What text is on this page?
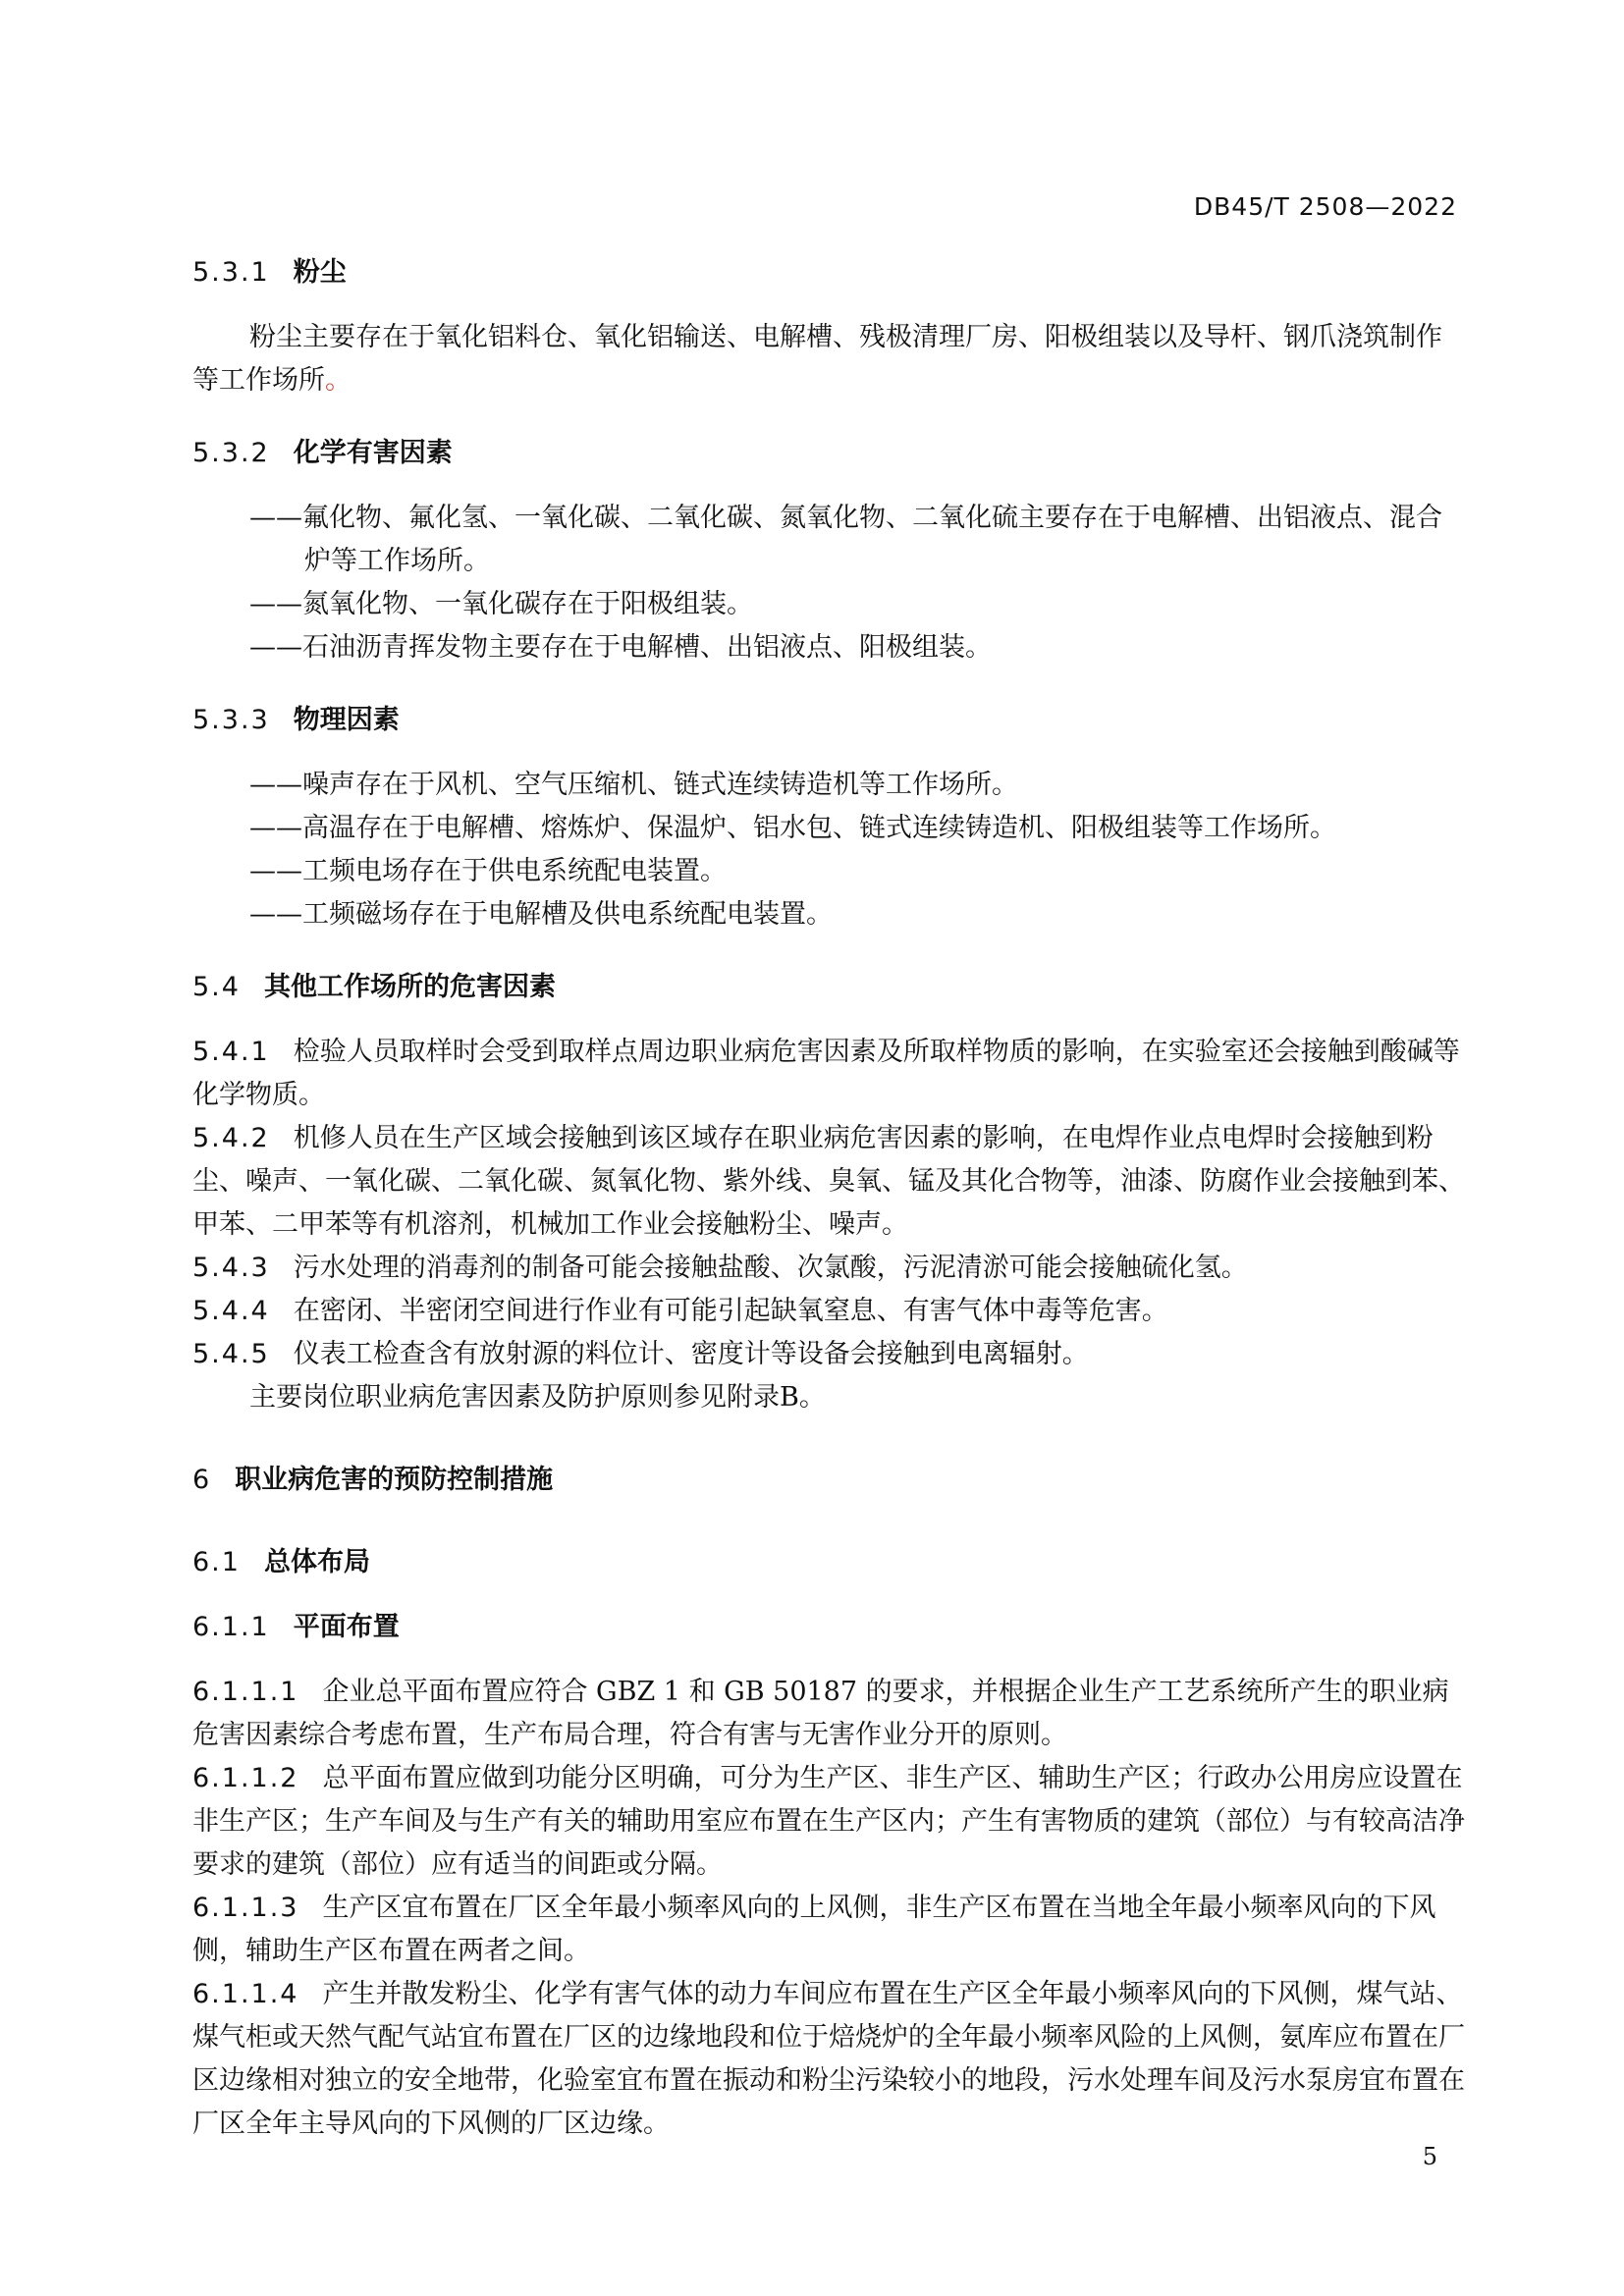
DB45/T 2508—2022
5.3.1 粉尘
粉尘主要存在于氧化铝料仓、氧化铝输送、电解槽、残极清理厂房、阳极组装以及导杆、钢爪浇筑制作等工作场所。
5.3.2 化学有害因素
——氟化物、氟化氢、一氧化碳、二氧化碳、氮氧化物、二氧化硫主要存在于电解槽、出铝液点、混合炉等工作场所。
——氮氧化物、一氧化碳存在于阳极组装。
——石油沥青挥发物主要存在于电解槽、出铝液点、阳极组装。
5.3.3 物理因素
——噪声存在于风机、空气压缩机、链式连续铸造机等工作场所。
——高温存在于电解槽、熔炼炉、保温炉、铝水包、链式连续铸造机、阳极组装等工作场所。
——工频电场存在于供电系统配电装置。
——工频磁场存在于电解槽及供电系统配电装置。
5.4 其他工作场所的危害因素
5.4.1 检验人员取样时会受到取样点周边职业病危害因素及所取样物质的影响，在实验室还会接触到酸碱等化学物质。
5.4.2 机修人员在生产区域会接触到该区域存在职业病危害因素的影响，在电焊作业点电焊时会接触到粉尘、噪声、一氧化碳、二氧化碳、氮氧化物、紫外线、臭氧、锰及其化合物等，油漆、防腐作业会接触到苯、甲苯、二甲苯等有机溶剂，机械加工作业会接触粉尘、噪声。
5.4.3 污水处理的消毒剂的制备可能会接触盐酸、次氯酸，污泥清淤可能会接触硫化氢。
5.4.4 在密闭、半密闭空间进行作业有可能引起缺氧窒息、有害气体中毒等危害。
5.4.5 仪表工检查含有放射源的料位计、密度计等设备会接触到电离辐射。
主要岗位职业病危害因素及防护原则参见附录B。
6 职业病危害的预防控制措施
6.1 总体布局
6.1.1 平面布置
6.1.1.1 企业总平面布置应符合 GBZ 1 和 GB 50187 的要求，并根据企业生产工艺系统所产生的职业病危害因素综合考虑布置，生产布局合理，符合有害与无害作业分开的原则。
6.1.1.2 总平面布置应做到功能分区明确，可分为生产区、非生产区、辅助生产区；行政办公用房应设置在非生产区；生产车间及与生产有关的辅助用室应布置在生产区内；产生有害物质的建筑（部位）与有较高洁净要求的建筑（部位）应有适当的间距或分隔。
6.1.1.3 生产区宜布置在厂区全年最小频率风向的上风侧，非生产区布置在当地全年最小频率风向的下风侧，辅助生产区布置在两者之间。
6.1.1.4 产生并散发粉尘、化学有害气体的动力车间应布置在生产区全年最小频率风向的下风侧，煤气站、煤气柜或天然气配气站宜布置在厂区的边缘地段和位于焙烧炉的全年最小频率风险的上风侧，氨库应布置在厂区边缘相对独立的安全地带，化验室宜布置在振动和粉尘污染较小的地段，污水处理车间及污水泵房宜布置在厂区全年主导风向的下风侧的厂区边缘。
5
